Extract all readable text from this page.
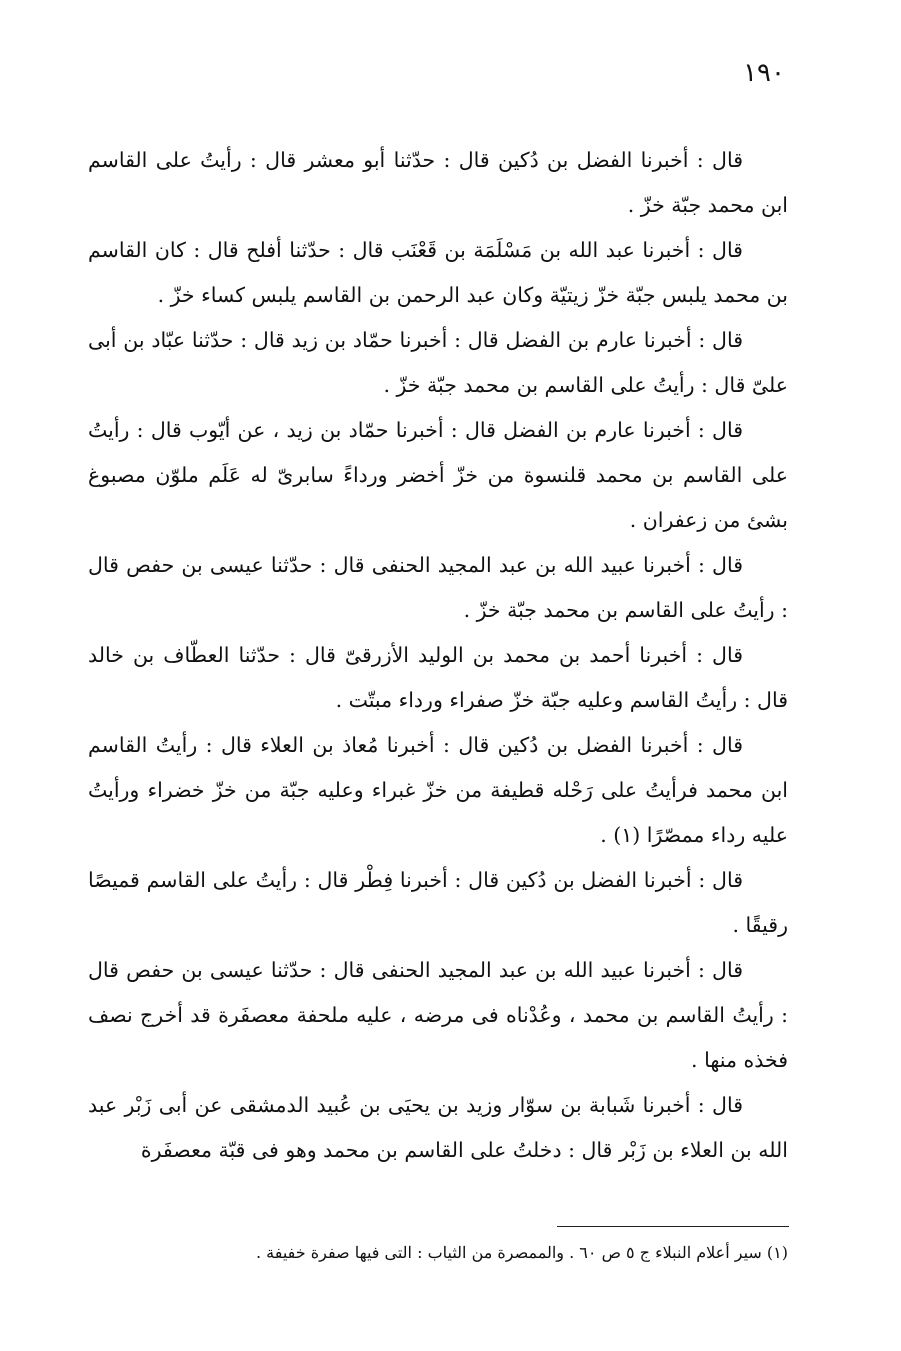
١٩٠

قال : أخبرنا الفضل بن دُكين قال : حدّثنا أبو معشر قال : رأيتُ على القاسم ابن محمد جبّة خزّ .

قال : أخبرنا عبد الله بن مَسْلَمَة بن قَعْنَب قال : حدّثنا أفلح قال : كان القاسم بن محمد يلبس جبّة خزّ زيتيّة وكان عبد الرحمن بن القاسم يلبس كساء خزّ .

قال : أخبرنا عارم بن الفضل قال : أخبرنا حمّاد بن زيد قال : حدّثنا عبّاد بن أبى علىّ قال : رأيتُ على القاسم بن محمد جبّة خزّ .

قال : أخبرنا عارم بن الفضل قال : أخبرنا حمّاد بن زيد ، عن أيّوب قال : رأيتُ على القاسم بن محمد قلنسوة من خزّ أخضر ورداءً سابرىّ له عَلَم ملوّن مصبوغ بشئ من زعفران .

قال : أخبرنا عبيد الله بن عبد المجيد الحنفى قال : حدّثنا عيسى بن حفص قال : رأيتُ على القاسم بن محمد جبّة خزّ .

قال : أخبرنا أحمد بن محمد بن الوليد الأزرقىّ قال : حدّثنا العطّاف بن خالد قال : رأيتُ القاسم وعليه جبّة خزّ صفراء ورداء مبتّت .

قال : أخبرنا الفضل بن دُكين قال : أخبرنا مُعاذ بن العلاء قال : رأيتُ القاسم ابن محمد فرأيتُ على رَحْله قطيفة من خزّ غبراء وعليه جبّة من خزّ خضراء ورأيتُ عليه رداء ممصّرًا (١) .

قال : أخبرنا الفضل بن دُكين قال : أخبرنا فِطْر قال : رأيتُ على القاسم قميصًا رقيقًا .

قال : أخبرنا عبيد الله بن عبد المجيد الحنفى قال : حدّثنا عيسى بن حفص قال : رأيتُ القاسم بن محمد ، وعُدْناه فى مرضه ، عليه ملحفة معصفَرة قد أخرج نصف فخذه منها .

قال : أخبرنا شَبابة بن سوّار وزيد بن يحيَى بن عُبيد الدمشقى عن أبى زَبْر عبد الله بن العلاء بن زَبْر قال : دخلتُ على القاسم بن محمد وهو فى قبّة معصفَرة

(١) سير أعلام النبلاء ج ٥ ص ٦٠ . والممصرة من الثياب : التى فيها صفرة خفيفة .
